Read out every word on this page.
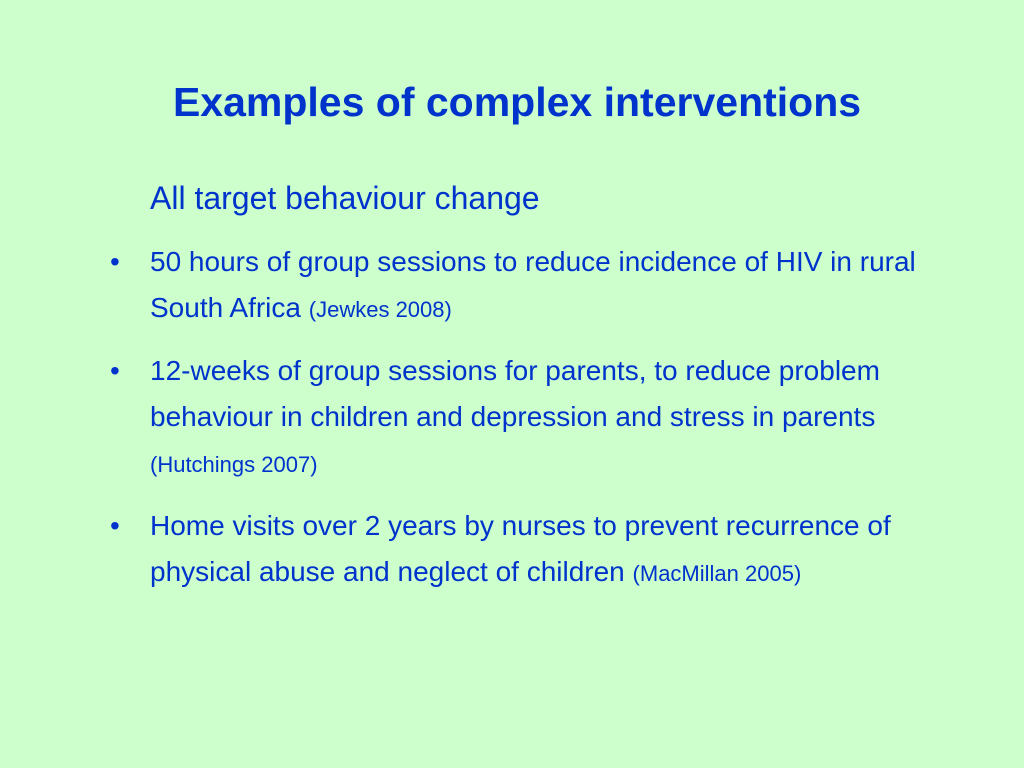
Examples of complex interventions

All target behaviour change

• 50 hours of group sessions to reduce incidence of HIV in rural South Africa (Jewkes 2008)
• 12-weeks of group sessions for parents, to reduce problem behaviour in children and depression and stress in parents (Hutchings 2007)
• Home visits over 2 years by nurses to prevent recurrence of physical abuse and neglect of children (MacMillan 2005)
